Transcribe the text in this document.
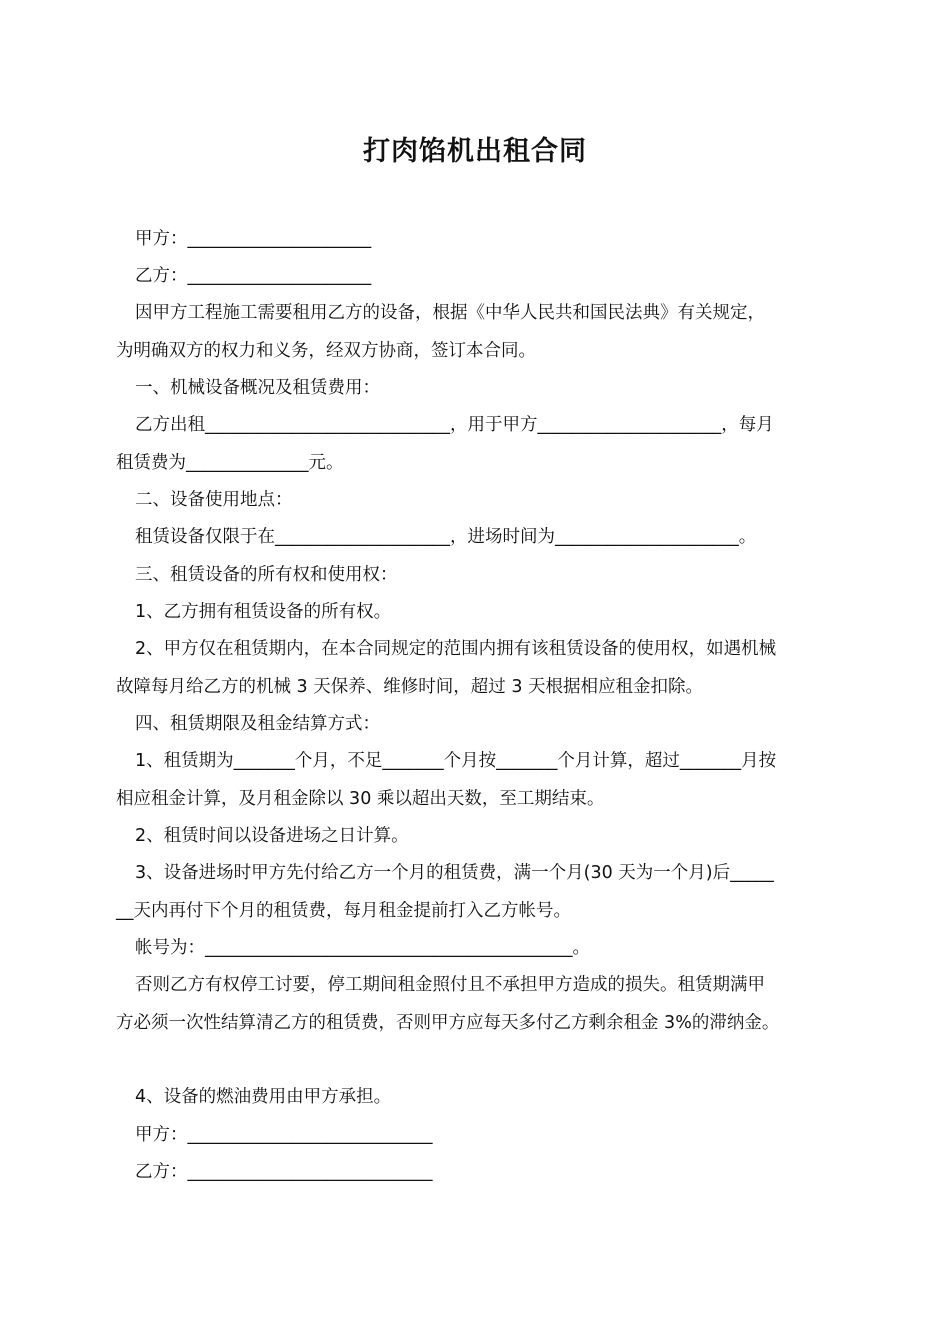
打肉馅机出租合同
甲方：_____________________
乙方：_____________________
因甲方工程施工需要租用乙方的设备，根据《中华人民共和国民法典》有关规定，
为明确双方的权力和义务，经双方协商，签订本合同。
一、机械设备概况及租赁费用：
乙方出租____________________________，用于甲方_____________________，每月
租赁费为______________元。
二、设备使用地点：
租赁设备仅限于在____________________，进场时间为_____________________。
三、租赁设备的所有权和使用权：
1、乙方拥有租赁设备的所有权。
2、甲方仅在租赁期内，在本合同规定的范围内拥有该租赁设备的使用权，如遇机械
故障每月给乙方的机械 3 天保养、维修时间，超过 3 天根据相应租金扣除。
四、租赁期限及租金结算方式：
1、租赁期为_______个月，不足_______个月按_______个月计算，超过_______月按
相应租金计算，及月租金除以 30 乘以超出天数，至工期结束。
2、租赁时间以设备进场之日计算。
3、设备进场时甲方先付给乙方一个月的租赁费，满一个月(30 天为一个月)后_____
__天内再付下个月的租赁费，每月租金提前打入乙方帐号。
帐号为：__________________________________________。
否则乙方有权停工讨要，停工期间租金照付且不承担甲方造成的损失。租赁期满甲
方必须一次性结算清乙方的租赁费，否则甲方应每天多付乙方剩余租金 3%的滞纳金。
4、设备的燃油费用由甲方承担。
甲方：____________________________
乙方：____________________________
